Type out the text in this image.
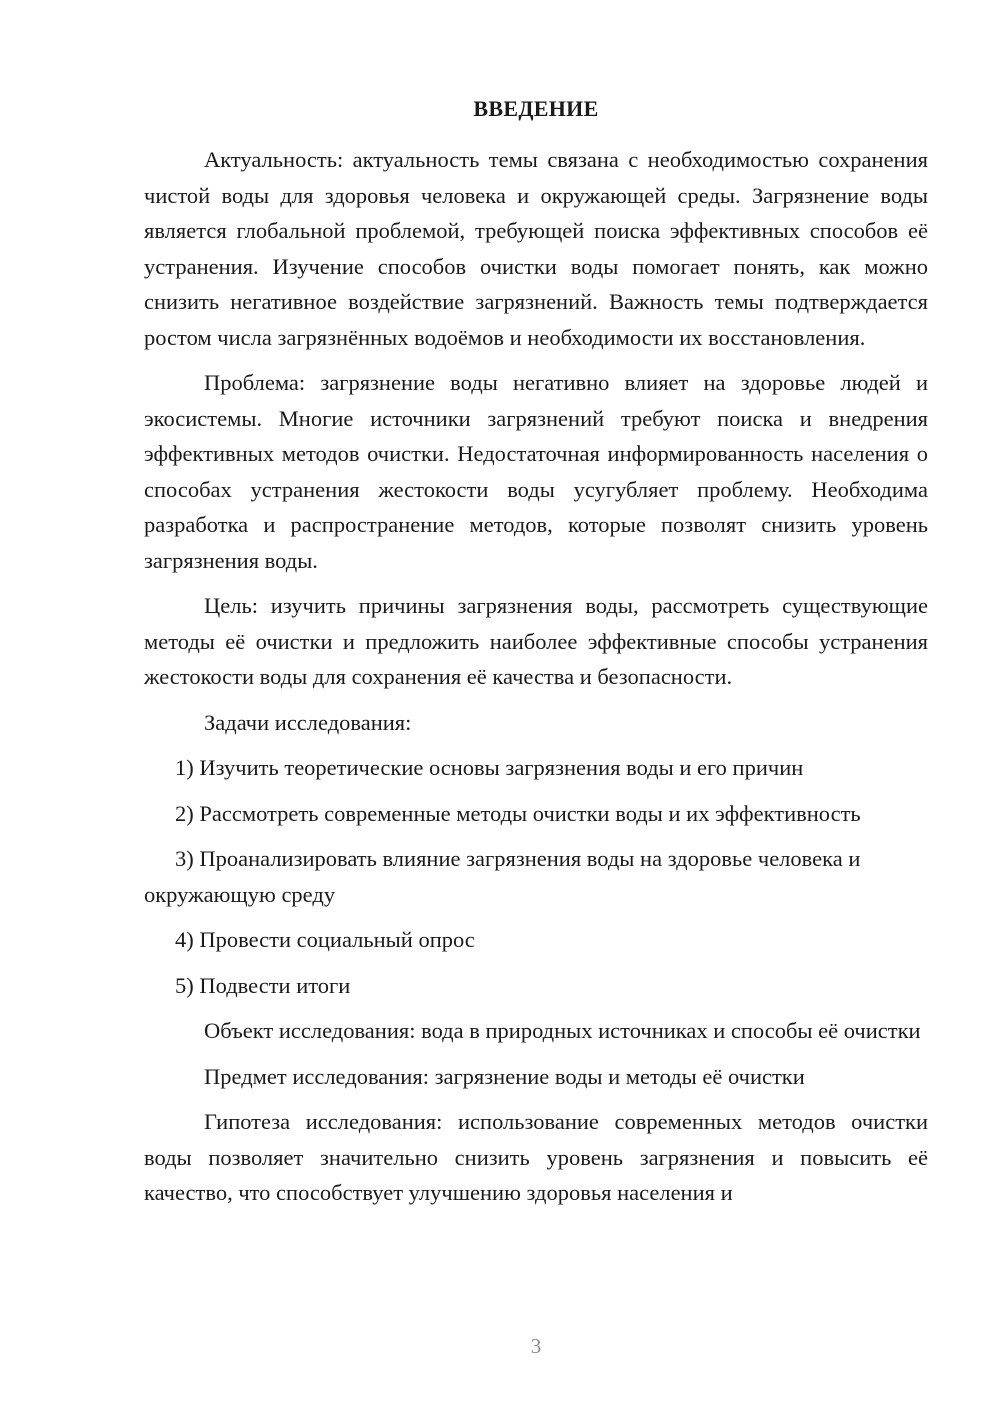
ВВЕДЕНИЕ

Актуальность: актуальность темы связана с необходимостью сохранения чистой воды для здоровья человека и окружающей среды. Загрязнение воды является глобальной проблемой, требующей поиска эффективных способов её устранения. Изучение способов очистки воды помогает понять, как можно снизить негативное воздействие загрязнений. Важность темы подтверждается ростом числа загрязнённых водоёмов и необходимости их восстановления.

Проблема: загрязнение воды негативно влияет на здоровье людей и экосистемы. Многие источники загрязнений требуют поиска и внедрения эффективных методов очистки. Недостаточная информированность населения о способах устранения жестокости воды усугубляет проблему. Необходима разработка и распространение методов, которые позволят снизить уровень загрязнения воды.

Цель: изучить причины загрязнения воды, рассмотреть существующие методы её очистки и предложить наиболее эффективные способы устранения жестокости воды для сохранения её качества и безопасности.

Задачи исследования:

1) Изучить теоретические основы загрязнения воды и его причин

2) Рассмотреть современные методы очистки воды и их эффективность

3) Проанализировать влияние загрязнения воды на здоровье человека и окружающую среду

4) Провести социальный опрос

5) Подвести итоги

Объект исследования: вода в природных источниках и способы её очистки

Предмет исследования: загрязнение воды и методы её очистки

Гипотеза исследования: использование современных методов очистки воды позволяет значительно снизить уровень загрязнения и повысить её качество, что способствует улучшению здоровья населения и

3
